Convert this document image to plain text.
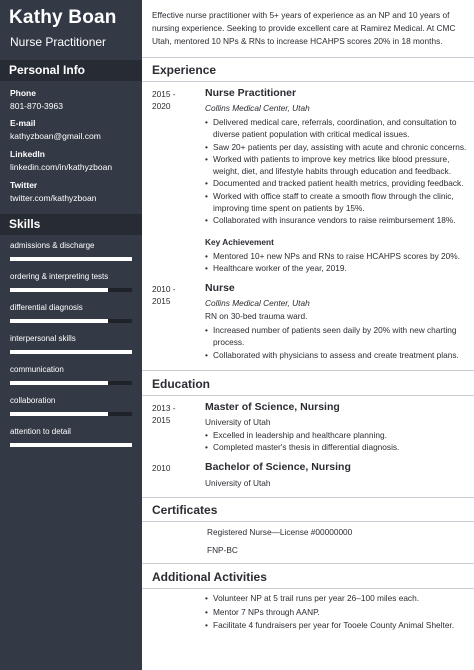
Kathy Boan
Nurse Practitioner
Personal Info
Phone
801-870-3963
E-mail
kathyzboan@gmail.com
LinkedIn
linkedin.com/in/kathyzboan
Twitter
twitter.com/kathyzboan
Skills
admissions & discharge
ordering & interpreting tests
differential diagnosis
interpersonal skills
communication
collaboration
attention to detail
Effective nurse practitioner with 5+ years of experience as an NP and 10 years of nursing experience. Seeking to provide excellent care at Ramirez Medical. At CMC Utah, mentored 10 NPs & RNs to increase HCAHPS scores 20% in 18 months.
Experience
2015 -
2020
Nurse Practitioner
Collins Medical Center, Utah
• Delivered medical care, referrals, coordination, and consultation to diverse patient population with critical medical issues.
• Saw 20+ patients per day, assisting with acute and chronic concerns.
• Worked with patients to improve key metrics like blood pressure, weight, diet, and lifestyle habits through education and feedback.
• Documented and tracked patient health metrics, providing feedback.
• Worked with office staff to create a smooth flow through the clinic, improving time spent on patients by 15%.
• Collaborated with insurance vendors to raise reimbursement 18%.
Key Achievement
• Mentored 10+ new NPs and RNs to raise HCAHPS scores by 20%.
• Healthcare worker of the year, 2019.
2010 -
2015
Nurse
Collins Medical Center, Utah
RN on 30-bed trauma ward.
• Increased number of patients seen daily by 20% with new charting process.
• Collaborated with physicians to assess and create treatment plans.
Education
2013 -
2015
Master of Science, Nursing
University of Utah
• Excelled in leadership and healthcare planning.
• Completed master's thesis in differential diagnosis.
2010	Bachelor of Science, Nursing
University of Utah
Certificates
Registered Nurse—License #00000000
FNP-BC
Additional Activities
• Volunteer NP at 5 trail runs per year 26–100 miles each.
• Mentor 7 NPs through AANP.
• Facilitate 4 fundraisers per year for Tooele County Animal Shelter.
